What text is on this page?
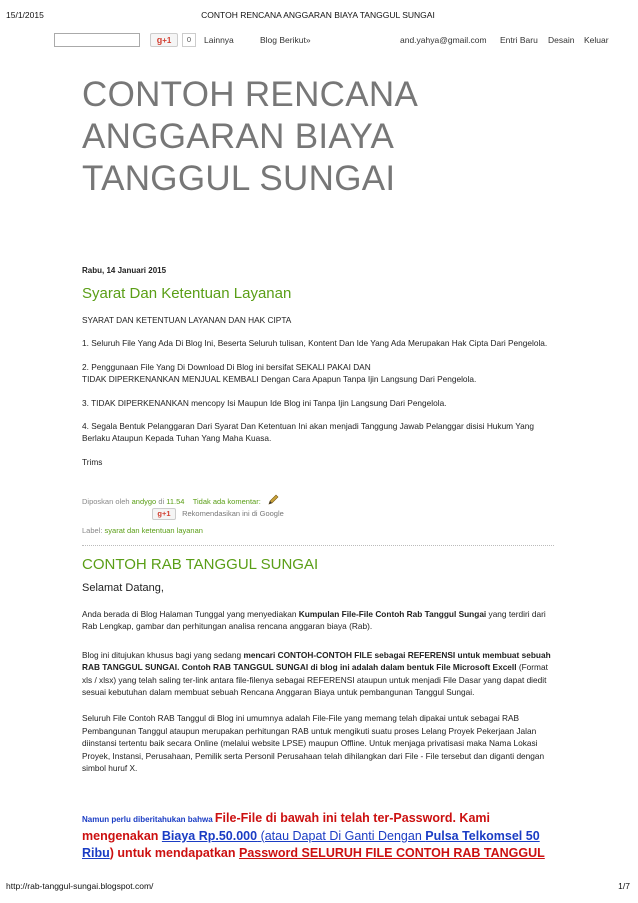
15/1/2015	CONTOH RENCANA ANGGARAN BIAYA TANGGUL SUNGAI
g+1	0	Lainnya	Blog Berikut»	and.yahya@gmail.com Entri Baru Desain Keluar
CONTOH RENCANA
ANGGARAN BIAYA
TANGGUL SUNGAI
Rabu, 14 Januari 2015
Syarat Dan Ketentuan Layanan

SYARAT DAN KETENTUAN LAYANAN DAN HAK CIPTA

1. Seluruh File Yang Ada Di Blog Ini, Beserta Seluruh tulisan, Kontent Dan Ide Yang Ada Merupakan Hak Cipta Dari Pengelola.

2. Penggunaan File Yang Di Download Di Blog ini bersifat SEKALI PAKAI DAN
TIDAK DIPERKENANKAN MENJUAL KEMBALI Dengan Cara Apapun Tanpa Ijin Langsung Dari Pengelola.

3. TIDAK DIPERKENANKAN mencopy Isi Maupun Ide Blog ini Tanpa Ijin Langsung Dari Pengelola.

4. Segala Bentuk Pelanggaran Dari Syarat Dan Ketentuan Ini akan menjadi Tanggung Jawab Pelanggar disisi Hukum Yang Berlaku Ataupun Kepada Tuhan Yang Maha Kuasa.

Trims

Diposkan oleh andygo di 11.54 Tidak ada komentar:
g+1 Rekomendasikan ini di Google
Label: syarat dan ketentuan layanan
CONTOH RAB TANGGUL SUNGAI
Selamat Datang,

Anda berada di Blog Halaman Tunggal yang menyediakan Kumpulan File-File Contoh Rab Tanggul Sungai yang terdiri dari Rab Lengkap, gambar dan perhitungan analisa rencana anggaran biaya (Rab).

Blog ini ditujukan khusus bagi yang sedang mencari CONTOH-CONTOH FILE sebagai REFERENSI untuk membuat sebuah RAB TANGGUL SUNGAI. Contoh RAB TANGGUL SUNGAI di blog ini adalah dalam bentuk File Microsoft Excell (Format xls / xlsx) yang telah saling ter-link antara file-filenya sebagai REFERENSI ataupun untuk menjadi File Dasar yang dapat diedit sesuai kebutuhan dalam membuat sebuah Rencana Anggaran Biaya untuk pembangunan Tanggul Sungai.

Seluruh File Contoh RAB Tanggul di Blog ini umumnya adalah File-File yang memang telah dipakai untuk sebagai RAB Pembangunan Tanggul ataupun merupakan perhitungan RAB untuk mengikuti suatu proses Lelang Proyek Pekerjaan Jalan diinstansi tertentu baik secara Online (melalui website LPSE) maupun Offline. Untuk menjaga privatisasi maka Nama Lokasi Proyek, Instansi, Perusahaan, Pemilik serta Personil Perusahaan telah dihilangkan dari File - File tersebut dan diganti dengan simbol huruf X.

Namun perlu diberitahukan bahwa File-File di bawah ini telah ter-Password. Kami mengenakan Biaya Rp.50.000 (atau Dapat Di Ganti Dengan Pulsa Telkomsel 50 Ribu) untuk mendapatkan Password SELURUH FILE CONTOH RAB TANGGUL
http://rab-tanggul-sungai.blogspot.com/	1/7
